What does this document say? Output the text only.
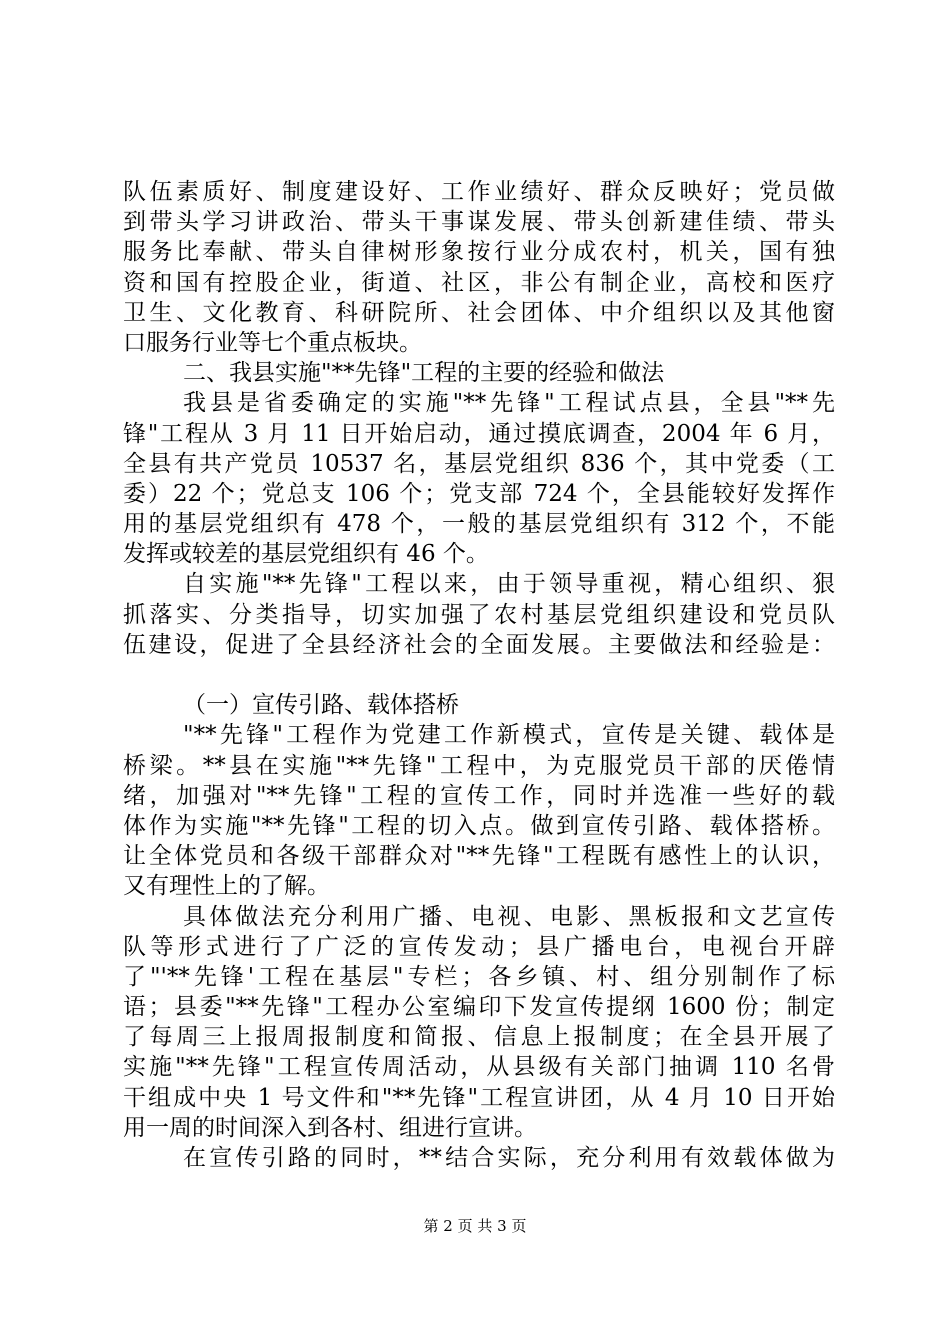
队伍素质好、制度建设好、工作业绩好、群众反映好；党员做
到带头学习讲政治、带头干事谋发展、带头创新建佳绩、带头
服务比奉献、带头自律树形象按行业分成农村，机关，国有独
资和国有控股企业，街道、社区，非公有制企业，高校和医疗
卫生、文化教育、科研院所、社会团体、中介组织以及其他窗
口服务行业等七个重点板块。
二、我县实施"**先锋"工程的主要的经验和做法
我县是省委确定的实施"**先锋"工程试点县，全县"**先
锋"工程从 3 月 11 日开始启动，通过摸底调查，2004 年 6 月，
全县有共产党员 10537 名，基层党组织 836 个，其中党委（工
委）22 个；党总支 106 个；党支部 724 个，全县能较好发挥作
用的基层党组织有 478 个，一般的基层党组织有 312 个，不能
发挥或较差的基层党组织有 46 个。
自实施"**先锋"工程以来，由于领导重视，精心组织、狠
抓落实、分类指导，切实加强了农村基层党组织建设和党员队
伍建设，促进了全县经济社会的全面发展。主要做法和经验是：
（一）宣传引路、载体搭桥
"**先锋"工程作为党建工作新模式，宣传是关键、载体是
桥梁。**县在实施"**先锋"工程中，为克服党员干部的厌倦情
绪，加强对"**先锋"工程的宣传工作，同时并选准一些好的载
体作为实施"**先锋"工程的切入点。做到宣传引路、载体搭桥。
让全体党员和各级干部群众对"**先锋"工程既有感性上的认识，
又有理性上的了解。
具体做法充分利用广播、电视、电影、黑板报和文艺宣传
队等形式进行了广泛的宣传发动；县广播电台，电视台开辟
了"'**先锋'工程在基层"专栏；各乡镇、村、组分别制作了标
语；县委"**先锋"工程办公室编印下发宣传提纲 1600 份；制定
了每周三上报周报制度和简报、信息上报制度；在全县开展了
实施"**先锋"工程宣传周活动，从县级有关部门抽调 110 名骨
干组成中央 1 号文件和"**先锋"工程宣讲团，从 4 月 10 日开始
用一周的时间深入到各村、组进行宣讲。
在宣传引路的同时，**结合实际，充分利用有效载体做为
第 2 页 共 3 页
